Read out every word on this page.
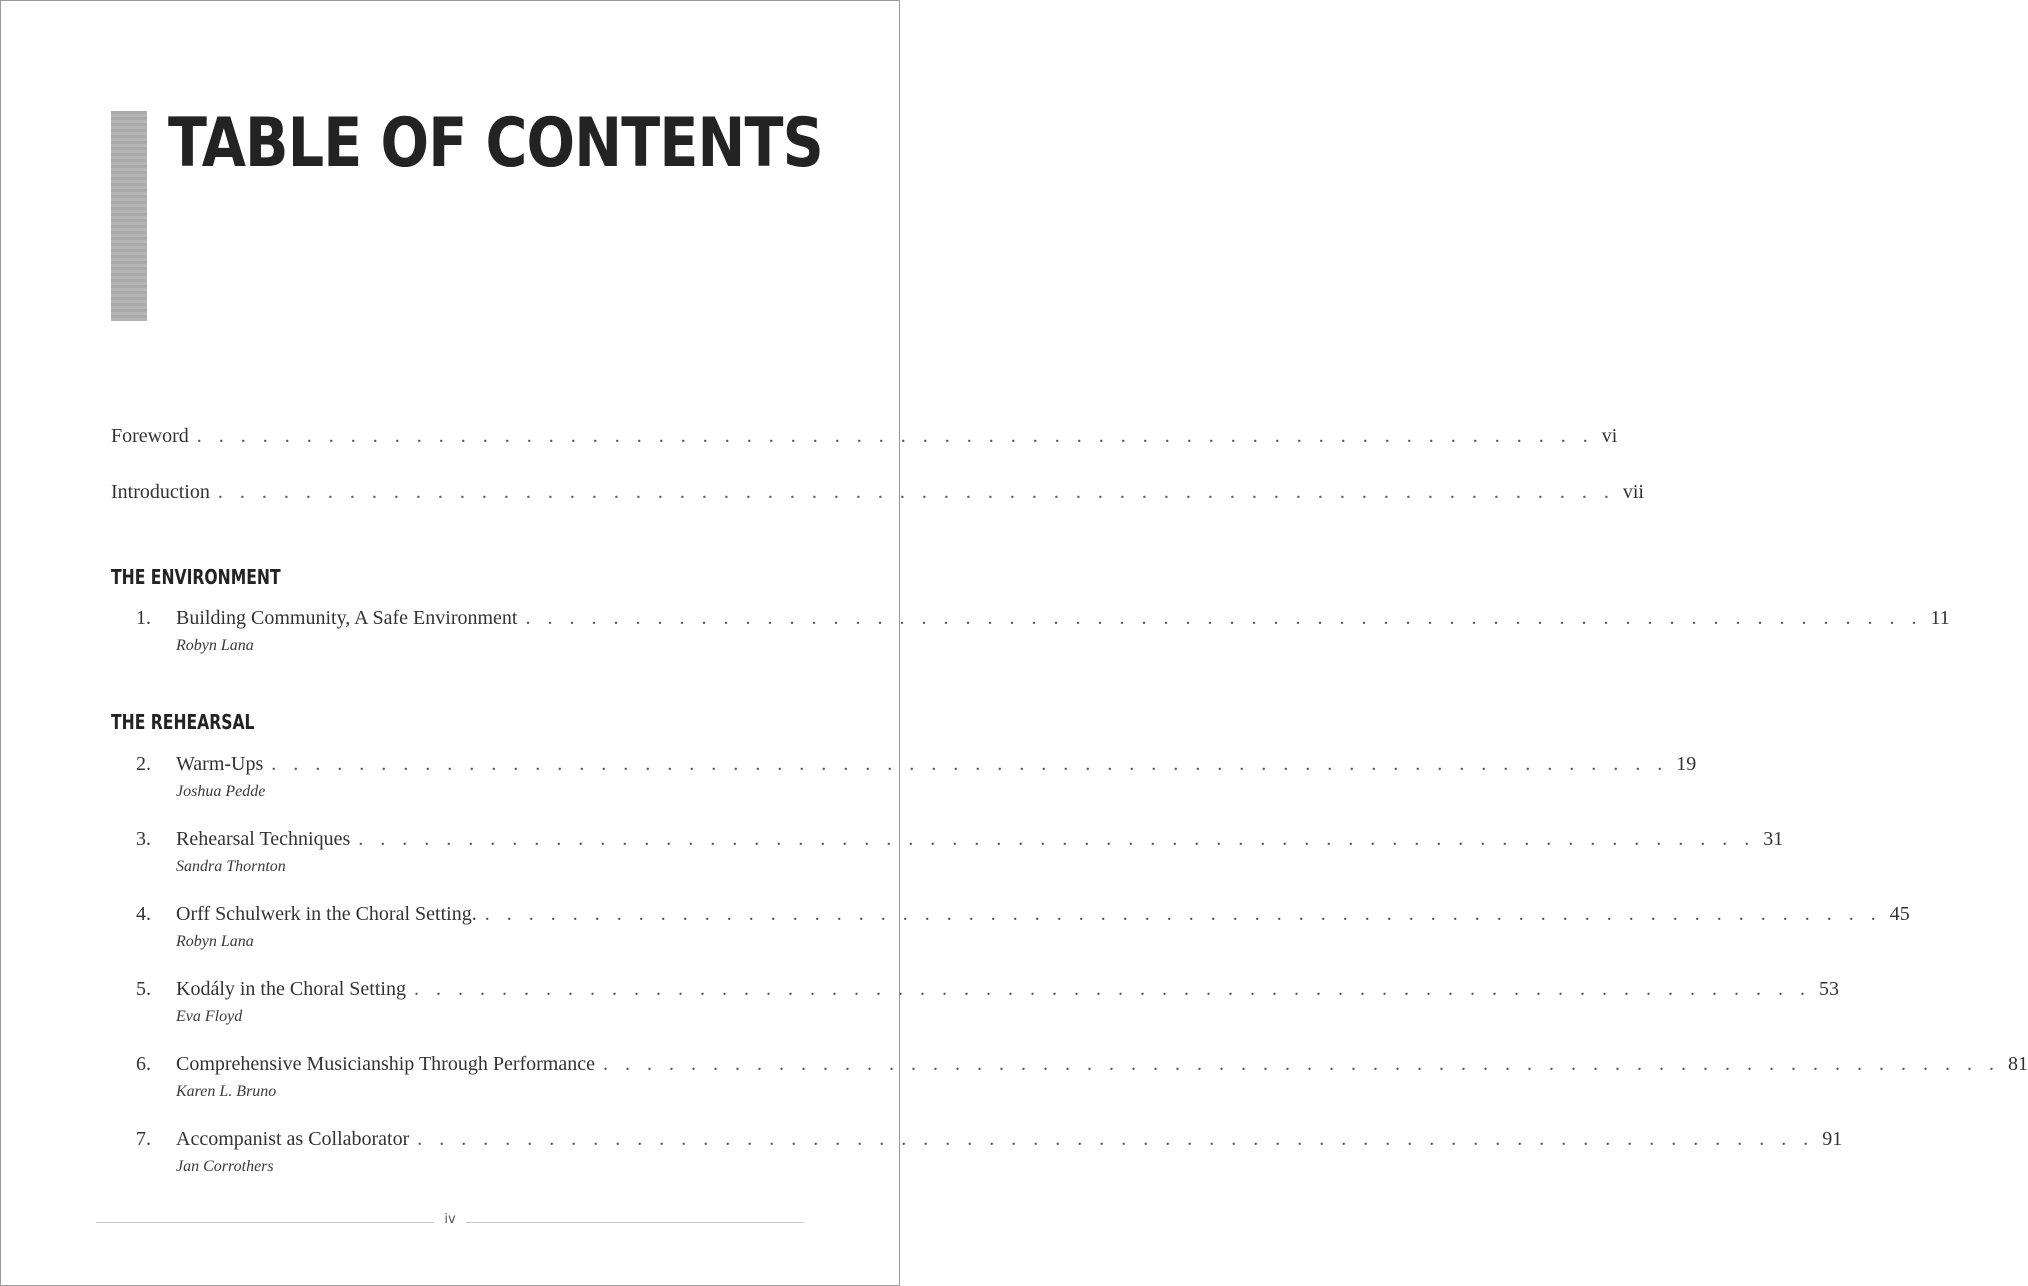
TABLE OF CONTENTS
Foreword . . . . . . . . . . . . . . . . . . . . . . . . . . . . . . . . . . . . . . . . . . . . . . . . . . . . . . . . . . . . . . . . vi
Introduction . . . . . . . . . . . . . . . . . . . . . . . . . . . . . . . . . . . . . . . . . . . . . . . . . . . . . . . . . . . . . . . . vii
THE ENVIRONMENT
1. Building Community, A Safe Environment . . . . . . . . . . . . . . . . . . . . . . . . . . . . . . . . . . . . . . . . . . . . . . . . . . . . . . . . . . . . . . . . 11
Robyn Lana
THE REHEARSAL
2. Warm-Ups . . . . . . . . . . . . . . . . . . . . . . . . . . . . . . . . . . . . . . . . . . . . . . . . . . . . . . . . . . . . . . . . 19
Joshua Pedde
3. Rehearsal Techniques . . . . . . . . . . . . . . . . . . . . . . . . . . . . . . . . . . . . . . . . . . . . . . . . . . . . . . . . . . . . . . . . 31
Sandra Thornton
4. Orff Schulwerk in the Choral Setting. . . . . . . . . . . . . . . . . . . . . . . . . . . . . . . . . . . . . . . . . . . . . . . . . . . . . . . . . . . . . . . . . 45
Robyn Lana
5. Kodály in the Choral Setting . . . . . . . . . . . . . . . . . . . . . . . . . . . . . . . . . . . . . . . . . . . . . . . . . . . . . . . . . . . . . . . . 53
Eva Floyd
6. Comprehensive Musicianship Through Performance . . . . . . . . . . . . . . . . . . . . . . . . . . . . . . . . . . . . . . . . . . . . . . . . . . . . . . . . . . . . . . . . 81
Karen L. Bruno
7. Accompanist as Collaborator . . . . . . . . . . . . . . . . . . . . . . . . . . . . . . . . . . . . . . . . . . . . . . . . . . . . . . . . . . . . . . . . 91
Jan Corrothers
iv
